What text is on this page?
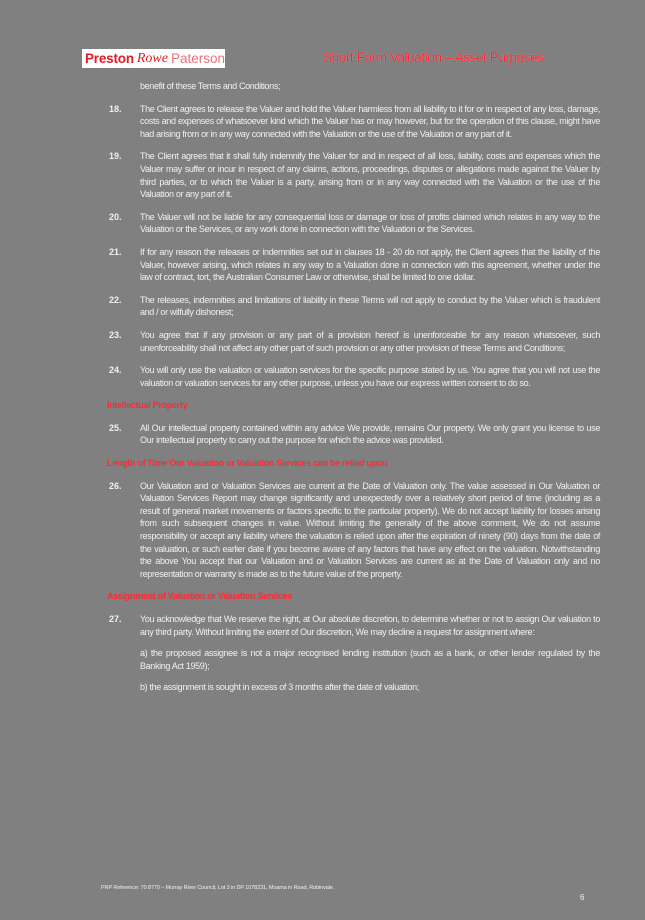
Preston Rowe Paterson	Short Form Valuation – Asset Purposes
benefit of these Terms and Conditions;
18.	The Client agrees to release the Valuer and hold the Valuer harmless from all liability to it for or in respect of any loss, damage, costs and expenses of whatsoever kind which the Valuer has or may however, but for the operation of this clause, might have had arising from or in any way connected with the Valuation or the use of the Valuation or any part of it.
19.	The Client agrees that it shall fully indemnify the Valuer for and in respect of all loss, liability, costs and expenses which the Valuer may suffer or incur in respect of any claims, actions, proceedings, disputes or allegations made against the Valuer by third parties, or to which the Valuer is a party, arising from or in any way connected with the Valuation or the use of the Valuation or any part of it.
20.	The Valuer will not be liable for any consequential loss or damage or loss of profits claimed which relates in any way to the Valuation or the Services, or any work done in connection with the Valuation or the Services.
21.	If for any reason the releases or indemnities set out in clauses 18 - 20 do not apply, the Client agrees that the liability of the Valuer, however arising, which relates in any way to a Valuation done in connection with this agreement, whether under the law of contract, tort, the Australian Consumer Law or otherwise, shall be limited to one dollar.
22.	The releases, indemnities and limitations of liability in these Terms will not apply to conduct by the Valuer which is fraudulent and / or wilfully dishonest;
23.	You agree that if any provision or any part of a provision hereof is unenforceable for any reason whatsoever, such unenforceability shall not affect any other part of such provision or any other provision of these Terms and Conditions;
24.	You will only use the valuation or valuation services for the specific purpose stated by us. You agree that you will not use the valuation or valuation services for any other purpose, unless you have our express written consent to do so.
Intellectual Property
25.	All Our intellectual property contained within any advice We provide, remains Our property. We only grant you license to use Our intellectual property to carry out the purpose for which the advice was provided.
Length of Time Our Valuation or Valuation Services can be relied upon
26.	Our Valuation and or Valuation Services are current at the Date of Valuation only. The value assessed in Our Valuation or Valuation Services Report may change significantly and unexpectedly over a relatively short period of time (including as a result of general market movements or factors specific to the particular property). We do not accept liability for losses arising from such subsequent changes in value. Without limiting the generality of the above comment, We do not assume responsibility or accept any liability where the valuation is relied upon after the expiration of ninety (90) days from the date of the valuation, or such earlier date if you become aware of any factors that have any effect on the valuation. Notwithstanding the above You accept that our Valuation and or Valuation Services are current as at the Date of Valuation only and no representation or warranty is made as to the future value of the property.
Assignment of Valuation or Valuation Services
27.	You acknowledge that We reserve the right, at Our absolute discretion, to determine whether or not to assign Our valuation to any third party. Without limiting the extent of Our discretion, We may decline a request for assignment where:
a) the proposed assignee is not a major recognised lending institution (such as a bank, or other lender regulated by the Banking Act 1959);
b) the assignment is sought in excess of 3 months after the date of valuation;
PRP Reference: 70 8770 – Murray River Council, Lot 3 in DP 1078231, Moama in Road, Robinvale.
6
